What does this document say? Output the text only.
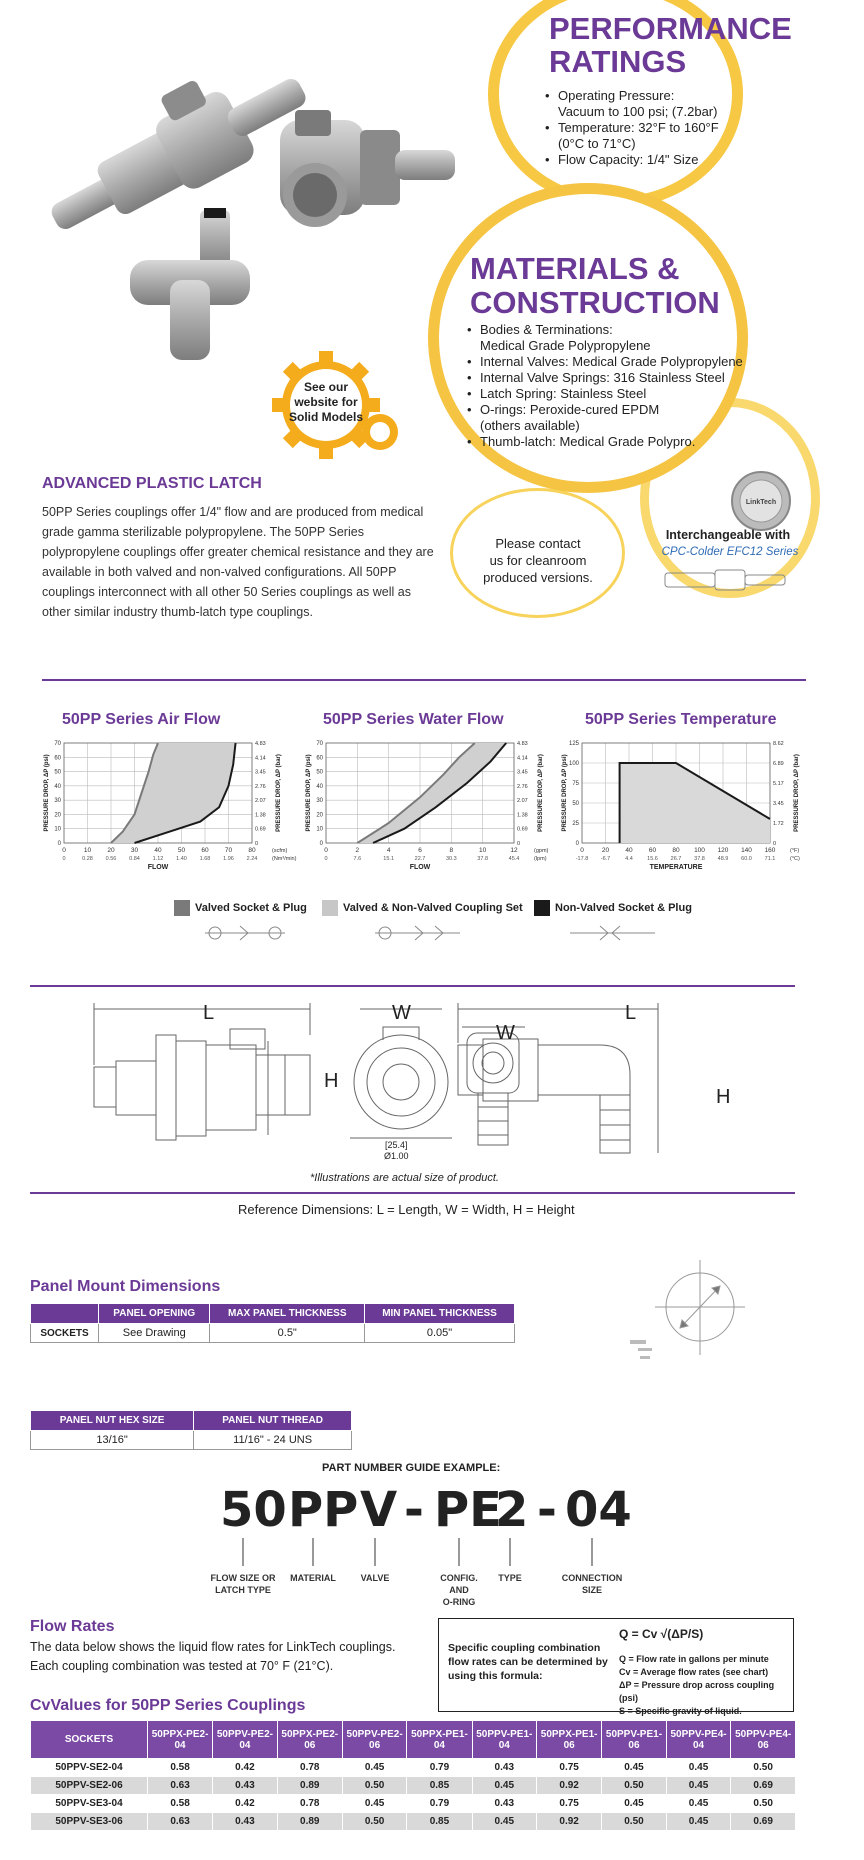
PERFORMANCE
RATINGS
• Operating Pressure:
Vacuum to 100 psi; (7.2bar)
• Temperature: 32°F to 160°F
(0°C to 71°C)
• Flow Capacity: 1/4" Size
MATERIALS &
CONSTRUCTION
• Bodies & Terminations:
Medical Grade Polypropylene
• Internal Valves: Medical Grade Polypropylene
• Internal Valve Springs: 316 Stainless Steel
• Latch Spring: Stainless Steel
• O-rings: Peroxide-cured EPDM
(others available)
• Thumb-latch: Medical Grade Polypro.
See our
website for
Solid Models
Please contact
us for cleanroom
produced versions.
LinkTech
Interchangeable with
CPC-Colder EFC12 Series
ADVANCED PLASTIC LATCH
50PP Series couplings offer 1/4" flow and are produced from medical grade gamma sterilizable polypropylene. The 50PP Series polypropylene couplings offer greater chemical resistance and they are available in both valved and non-valved configurations. All 50PP couplings interconnect with all other 50 Series couplings as well as other similar industry thumb-latch type couplings.
50PP Series Air Flow	50PP Series Water Flow	50PP Series Temperature
0
0
10
0.28
20
0.56
30
0.84
40
1.12
50
1.40
60
1.68
70
1.96
80
2.24
0	0
10	0.69
20	1.38
30	2.07
40	2.76
50	3.45
60	4.14
70	4.83
FLOW
(scfm)
(Nm³/min)
PRESSURE DROP, ΔP (psi)	PRESSURE DROP, ΔP (bar)
0
0
2
7.6
4
15.1
6
22.7
8
30.3
10
37.8
12
45.4
0	0
10	0.69
20	1.38
30	2.07
40	2.76
50	3.45
60	4.14
70	4.83
FLOW
(gpm)
(lpm)
PRESSURE DROP, ΔP (psi)	PRESSURE DROP, ΔP (bar)
0
-17.8
20
-6.7
40
4.4
60
15.6
80
26.7
100
37.8
120
48.9
140
60.0
160
71.1
0	0
25	1.72
50	3.45
75	5.17
100	6.89
125	8.62
TEMPERATURE
(°F)
(°C)
PRESSURE DROP, ΔP (psi)	PRESSURE DROP, ΔP (bar)
Valved Socket & Plug	Valved & Non-Valved Coupling Set	Non-Valved Socket & Plug
L	W
H
W
L
H
[25.4]
Ø1.00
*Illustrations are actual size of product.
Reference Dimensions: L = Length, W = Width, H = Height
Panel Mount Dimensions
	PANEL OPENING	MAX PANEL THICKNESS	MIN PANEL THICKNESS
SOCKETS	See Drawing	0.5"	0.05"
PANEL NUT HEX SIZE	PANEL NUT THREAD
13/16"	11/16" - 24 UNS
PART NUMBER GUIDE EXAMPLE:
50 PP V - PE
2 - 04
FLOW SIZE OR
LATCH TYPE
MATERIAL	VALVE	CONFIG.
AND
O-RING
TYPE	CONNECTION
SIZE
Flow Rates
The data below shows the liquid flow rates for LinkTech couplings.
Each coupling combination was tested at 70° F (21°C).
Specific coupling combination flow rates can be determined by using this formula:
Q = Cv √(ΔP/S)
Q = Flow rate in gallons per minute
Cv = Average flow rates (see chart)
ΔP = Pressure drop across coupling (psi)
S = Specific gravity of liquid.
CvValues for 50PP Series Couplings
SOCKETS	50PPX-PE2-04	50PPV-PE2-04	50PPX-PE2-06	50PPV-PE2-06	50PPX-PE1-04	50PPV-PE1-04	50PPX-PE1-06	50PPV-PE1-06	50PPV-PE4-04	50PPV-PE4-06
50PPV-SE2-04	0.58	0.42	0.78	0.45	0.79	0.43	0.75	0.45	0.45	0.50
50PPV-SE2-06	0.63	0.43	0.89	0.50	0.85	0.45	0.92	0.50	0.45	0.69
50PPV-SE3-04	0.58	0.42	0.78	0.45	0.79	0.43	0.75	0.45	0.45	0.50
50PPV-SE3-06	0.63	0.43	0.89	0.50	0.85	0.45	0.92	0.50	0.45	0.69
